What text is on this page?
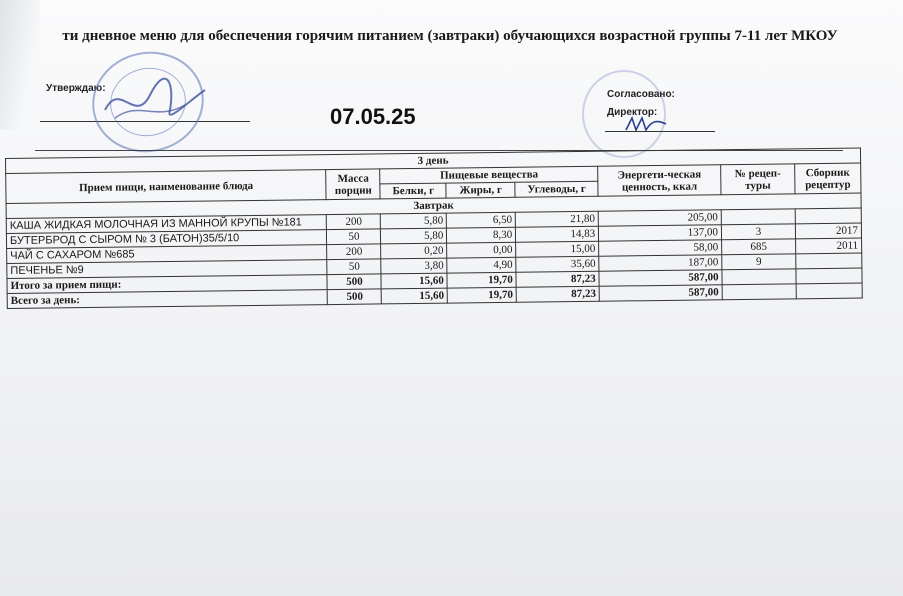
ти дневное меню для обеспечения горячим питанием (завтраки) обучающихся возрастной группы 7-11 лет МКОУ
Утверждаю:
07.05.25
Согласовано:
Директор:
3 день							
Прием пищи, наименование блюда	Масса порции	Пищевые вещества			Энергети-ческая ценность, ккал	№ рецеп-туры	Сборник рецептур
		Белки, г	Жиры, г	Углеводы, г			
Завтрак							
КАША ЖИДКАЯ МОЛОЧНАЯ ИЗ МАННОЙ КРУПЫ №181	200	5,80	6,50	21,80	205,00		
БУТЕРБРОД С СЫРОМ № 3 (БАТОН)35/5/10	50	5,80	8,30	14,83	137,00	3	2017
ЧАЙ С САХАРОМ №685	200	0,20	0,00	15,00	58,00	685	2011
ПЕЧЕНЬЕ №9	50	3,80	4,90	35,60	187,00	9	
Итого за прием пищи:	500	15,60	19,70	87,23	587,00		
Всего за день:	500	15,60	19,70	87,23	587,00		
